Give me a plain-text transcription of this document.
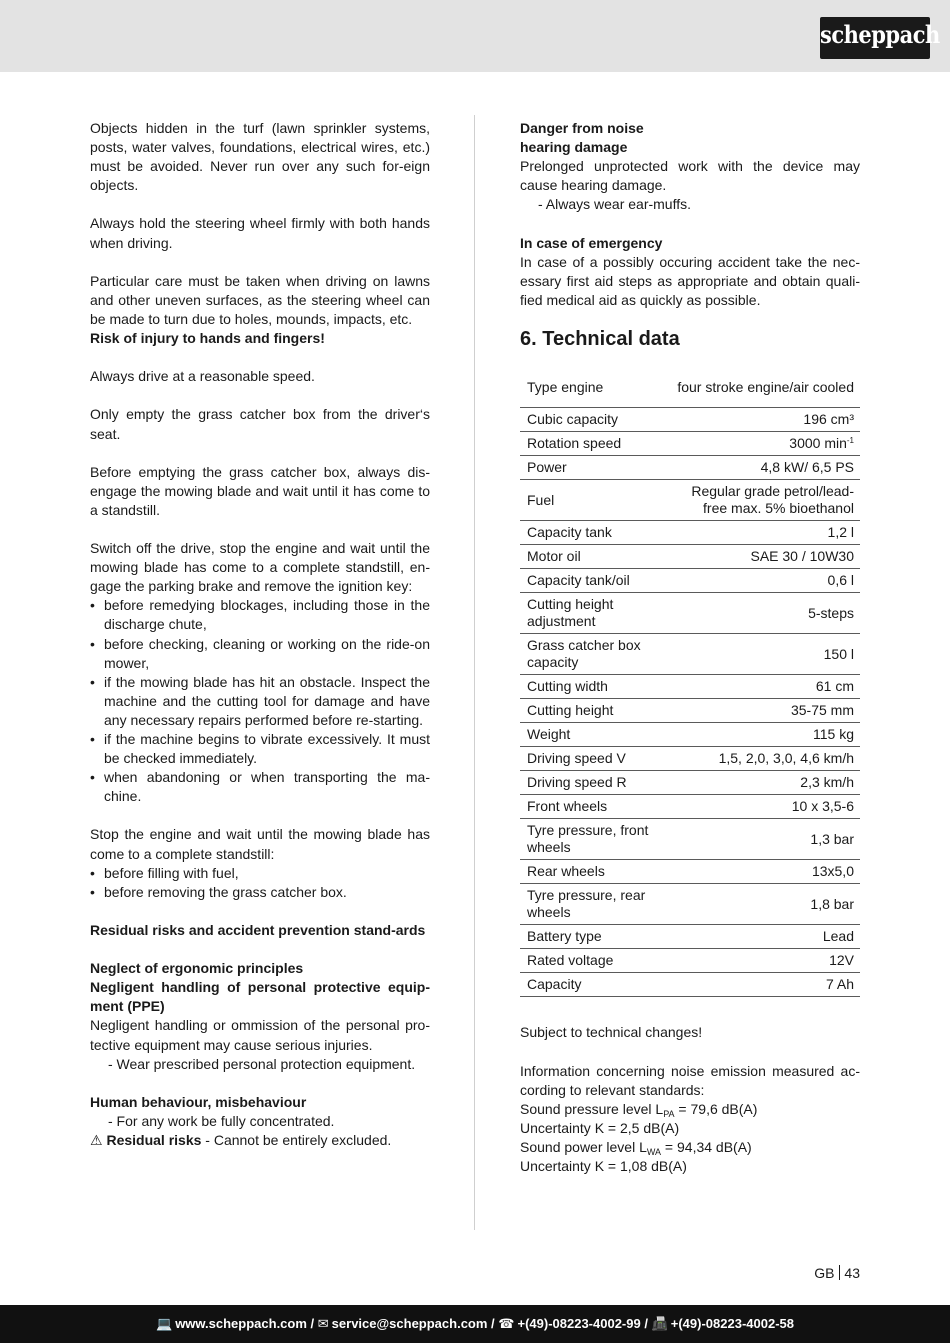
scheppach
Objects hidden in the turf (lawn sprinkler systems, posts, water valves, foundations, electrical wires, etc.) must be avoided. Never run over any such for-eign objects.
Always hold the steering wheel firmly with both hands when driving.
Particular care must be taken when driving on lawns and other uneven surfaces, as the steering wheel can be made to turn due to holes, mounds, impacts, etc.
Risk of injury to hands and fingers!
Always drive at a reasonable speed.
Only empty the grass catcher box from the driver‘s seat.
Before emptying the grass catcher box, always dis-engage the mowing blade and wait until it has come to a standstill.
Switch off the drive, stop the engine and wait until the mowing blade has come to a complete standstill, en-gage the parking brake and remove the ignition key:
• before remedying blockages, including those in the discharge chute,
• before checking, cleaning or working on the ride-on mower,
• if the mowing blade has hit an obstacle. Inspect the machine and the cutting tool for damage and have any necessary repairs performed before re-starting.
• if the machine begins to vibrate excessively. It must be checked immediately.
• when abandoning or when transporting the ma-chine.
Stop the engine and wait until the mowing blade has come to a complete standstill:
• before filling with fuel,
• before removing the grass catcher box.
Residual risks and accident prevention stand-ards
Neglect of ergonomic principles
Negligent handling of personal protective equip-ment (PPE)
Negligent handling or ommission of the personal pro-tective equipment may cause serious injuries.
- Wear prescribed personal protection equipment.
Human behaviour, misbehaviour
- For any work be fully concentrated.
⚠ Residual risks - Cannot be entirely excluded.
Danger from noise
hearing damage
Prelonged unprotected work with the device may cause hearing damage.
- Always wear ear-muffs.
In case of emergency
In case of a possibly occuring accident take the nec-essary first aid steps as appropriate and obtain quali-fied medical aid as quickly as possible.
6. Technical data
Type engine	four stroke engine/air cooled
Cubic capacity	196 cm³
Rotation speed	3000 $\min^{-1}$
Power	4,8 kW/ 6,5 PS
Fuel	Regular grade petrol/lead-free max. 5% bioethanol
Capacity tank	1,2 l
Motor oil	SAE 30 / 10W30
Capacity tank/oil	0,6 l
Cutting height adjustment	5-steps
Grass catcher box capacity	150 l
Cutting width	61 cm
Cutting height	35-75 mm
Weight	115 kg
Driving speed V	1,5, 2,0, 3,0, 4,6 km/h
Driving speed R	2,3 km/h
Front wheels	10 x 3,5-6
Tyre pressure, front wheels	1,3 bar
Rear wheels	13x5,0
Tyre pressure, rear wheels	1,8 bar
Battery type	Lead
Rated voltage	12V
Capacity	7 Ah
Subject to technical changes!
Information concerning noise emission measured ac-cording to relevant standards:
Sound pressure level $L_{PA} = 79,6$ dB(A)
Uncertainty K = 2,5 dB(A)
Sound power level $L_{WA} = 94,34$ dB(A)
Uncertainty K = 1,08 dB(A)
GB 43
💻 www.scheppach.com / ✉ service@scheppach.com / ☎ +(49)-08223-4002-99 / 📠 +(49)-08223-4002-58
